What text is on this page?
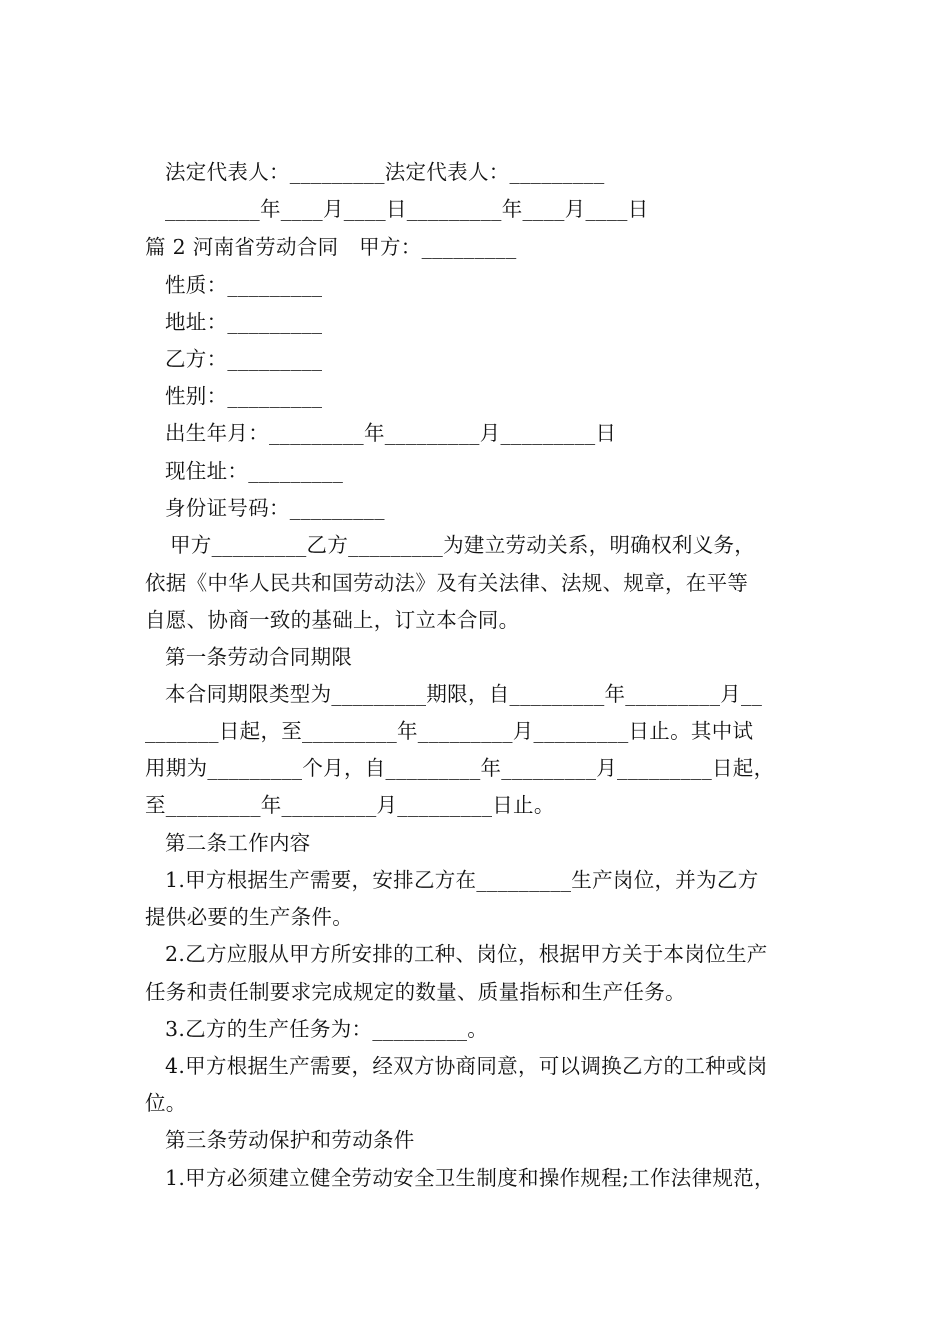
法定代表人：_________法定代表人：_________
_________年____月____日_________年____月____日
篇 2 河南省劳动合同　甲方：_________
性质：_________
地址：_________
乙方：_________
性别：_________
出生年月：_________年_________月_________日
现住址：_________
身份证号码：_________
甲方_________乙方_________为建立劳动关系，明确权利义务，
依据《中华人民共和国劳动法》及有关法律、法规、规章，在平等
自愿、协商一致的基础上，订立本合同。
第一条劳动合同期限
本合同期限类型为_________期限，自_________年_________月__
_______日起，至_________年_________月_________日止。其中试
用期为_________个月，自_________年_________月_________日起，
至_________年_________月_________日止。
第二条工作内容
1.甲方根据生产需要，安排乙方在_________生产岗位，并为乙方
提供必要的生产条件。
2.乙方应服从甲方所安排的工种、岗位，根据甲方关于本岗位生产
任务和责任制要求完成规定的数量、质量指标和生产任务。
3.乙方的生产任务为：_________。
4.甲方根据生产需要，经双方协商同意，可以调换乙方的工种或岗
位。
第三条劳动保护和劳动条件
1.甲方必须建立健全劳动安全卫生制度和操作规程;工作法律规范，
